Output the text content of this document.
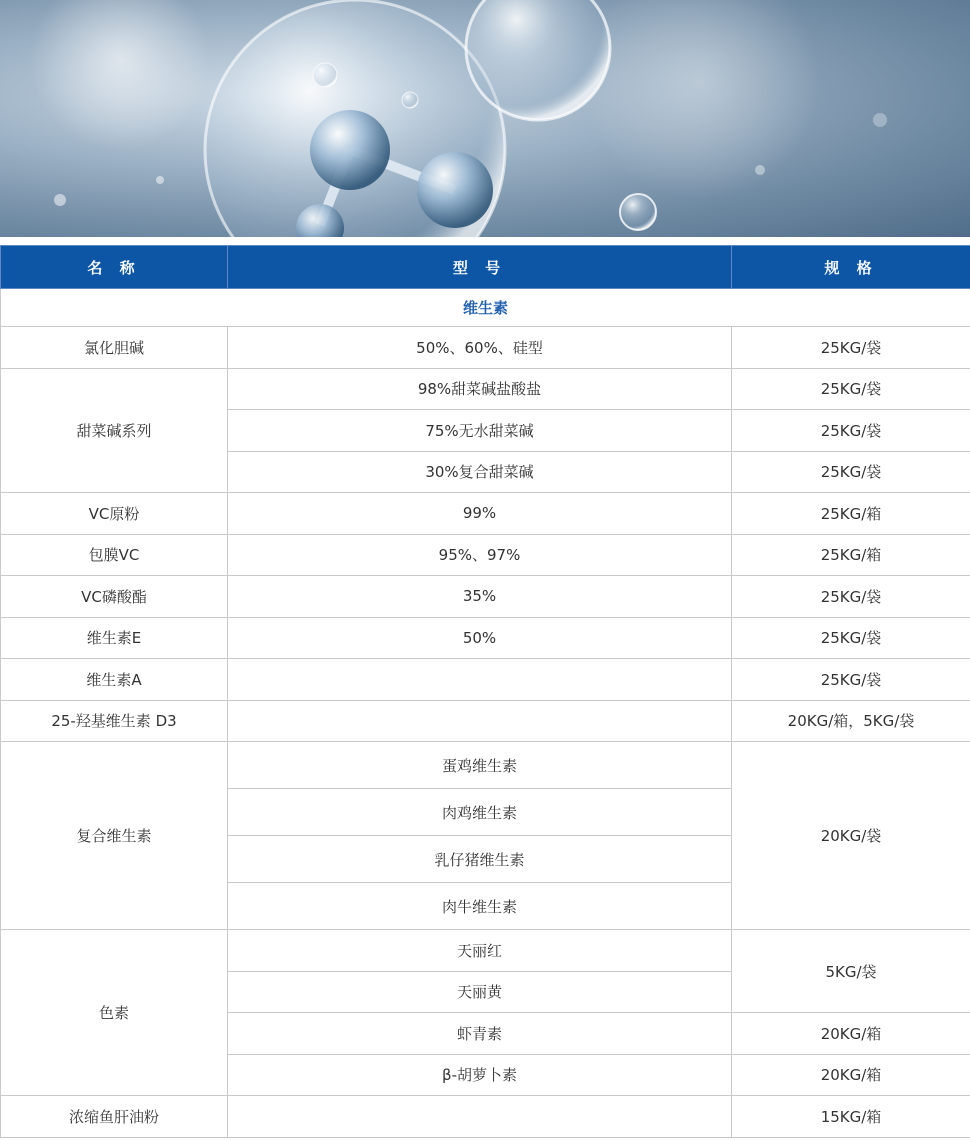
名 称	型 号	规 格
维生素		
氯化胆碱	50%、60%、硅型	25KG/袋
甜菜碱系列	98%甜菜碱盐酸盐	25KG/袋
	75%无水甜菜碱	25KG/袋
	30%复合甜菜碱	25KG/袋
VC原粉	99%	25KG/箱
包膜VC	95%、97%	25KG/箱
VC磷酸酯	35%	25KG/袋
维生素E	50%	25KG/袋
维生素A		25KG/袋
25-羟基维生素 D3		20KG/箱，5KG/袋
复合维生素	蛋鸡维生素	20KG/袋
	肉鸡维生素	
	乳仔猪维生素	
	肉牛维生素	
色素	天丽红	5KG/袋
	天丽黄	
	虾青素	20KG/箱
	β-胡萝卜素	20KG/箱
浓缩鱼肝油粉		15KG/箱
